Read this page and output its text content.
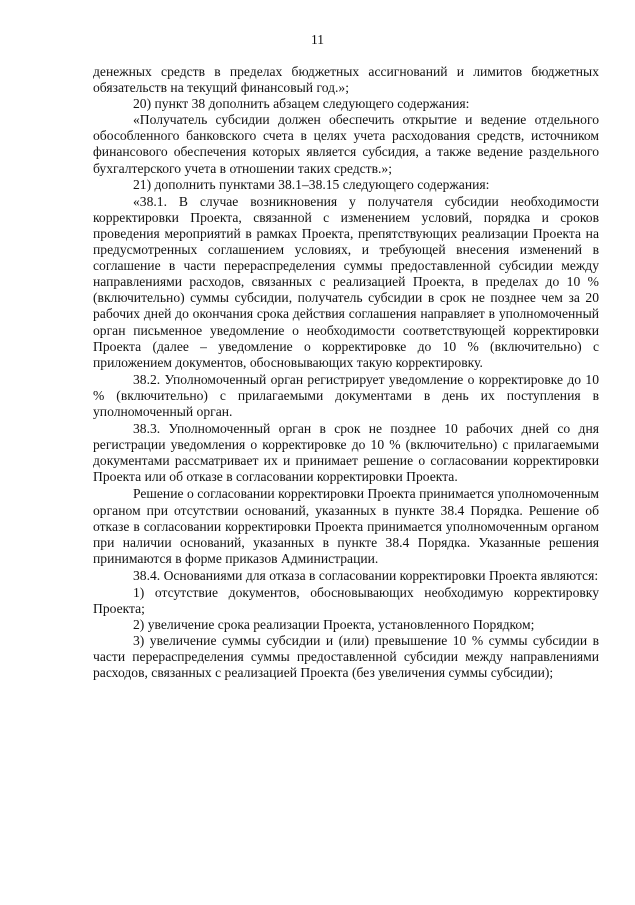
11

денежных средств в пределах бюджетных ассигнований и лимитов бюджетных обязательств на текущий финансовый год.»;

20) пункт 38 дополнить абзацем следующего содержания:

«Получатель субсидии должен обеспечить открытие и ведение отдельного обособленного банковского счета в целях учета расходования средств, источником финансового обеспечения которых является субсидия, а также ведение раздельного бухгалтерского учета в отношении таких средств.»;

21) дополнить пунктами 38.1–38.15 следующего содержания:

«38.1. В случае возникновения у получателя субсидии необходимости корректировки Проекта, связанной с изменением условий, порядка и сроков проведения мероприятий в рамках Проекта, препятствующих реализации Проекта на предусмотренных соглашением условиях, и требующей внесения изменений в соглашение в части перераспределения суммы предоставленной субсидии между направлениями расходов, связанных с реализацией Проекта, в пределах до 10 % (включительно) суммы субсидии, получатель субсидии в срок не позднее чем за 20 рабочих дней до окончания срока действия соглашения направляет в уполномоченный орган письменное уведомление о необходимости соответствующей корректировки Проекта (далее – уведомление о корректировке до 10 % (включительно) с приложением документов, обосновывающих такую корректировку.

38.2. Уполномоченный орган регистрирует уведомление о корректировке до 10 % (включительно) с прилагаемыми документами в день их поступления в уполномоченный орган.

38.3. Уполномоченный орган в срок не позднее 10 рабочих дней со дня регистрации уведомления о корректировке до 10 % (включительно) с прилагаемыми документами рассматривает их и принимает решение о согласовании корректировки Проекта или об отказе в согласовании корректировки Проекта.

Решение о согласовании корректировки Проекта принимается уполномоченным органом при отсутствии оснований, указанных в пункте 38.4 Порядка. Решение об отказе в согласовании корректировки Проекта принимается уполномоченным органом при наличии оснований, указанных в пункте 38.4 Порядка. Указанные решения принимаются в форме приказов Администрации.

38.4. Основаниями для отказа в согласовании корректировки Проекта являются:

1) отсутствие документов, обосновывающих необходимую корректировку Проекта;

2) увеличение срока реализации Проекта, установленного Порядком;

3) увеличение суммы субсидии и (или) превышение 10 % суммы субсидии в части перераспределения суммы предоставленной субсидии между направлениями расходов, связанных с реализацией Проекта (без увеличения суммы субсидии);
